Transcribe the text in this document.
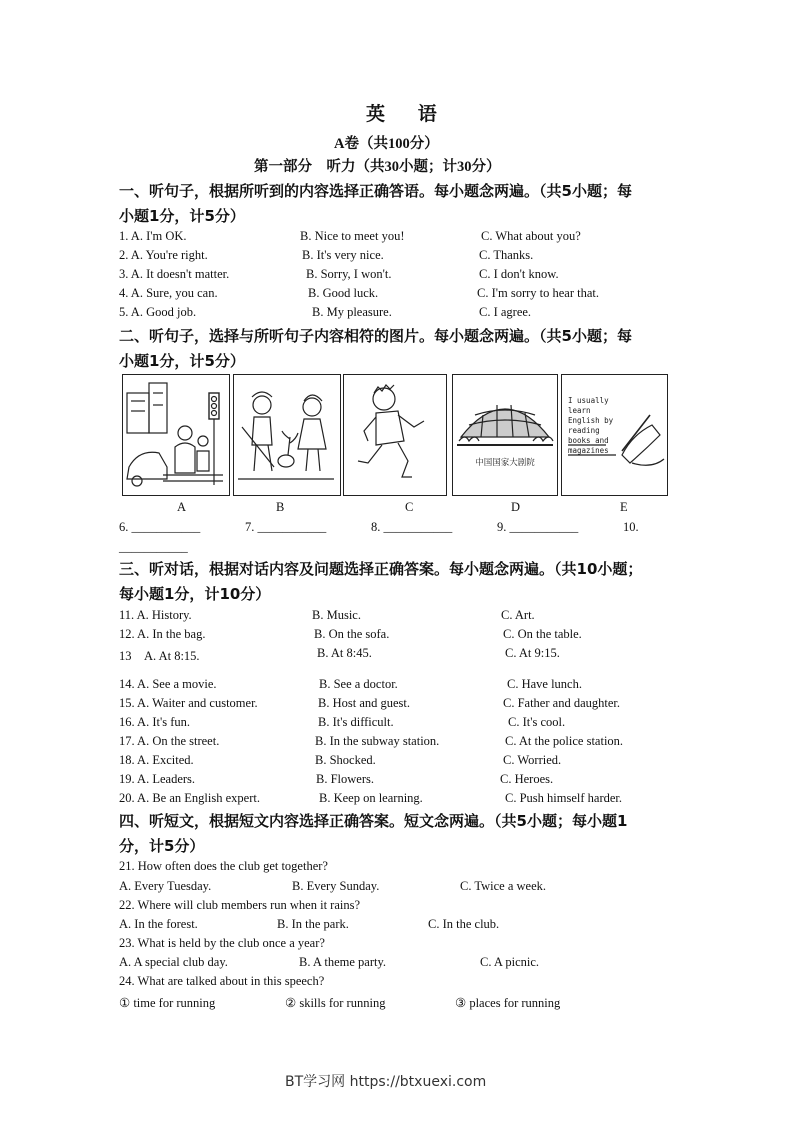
英 语
A卷（共100分）
第一部分　听力（共30小题；计30分）
一、听句子，根据所听到的内容选择正确答语。每小题念两遍。（共5小题；每
小题1分，计5分）
1. A. I'm OK.	B. Nice to meet you!	C. What about you?
2. A. You're right.	B. It's very nice.	C. Thanks.
3. A. It doesn't matter.	B. Sorry, I won't.	C. I don't know.
4. A. Sure, you can.	B. Good luck.	C. I'm sorry to hear that.
5. A. Good job.	B. My pleasure.	C. I agree.
二、听句子，选择与所听句子内容相符的图片。每小题念两遍。（共5小题；每
小题1分，计5分）
中国国家大剧院
I usually
learn
English by
reading
books and
magazines
A	B	C	D	E
6. ___________	7. ___________	8. ___________	9. ___________	10.
___________
三、听对话，根据对话内容及问题选择正确答案。每小题念两遍。（共10小题；
每小题1分，计10分）
11. A. History.	B. Music.	C. Art.
12. A. In the bag.	B. On the sofa.	C. On the table.
13　A. At 8:15.	B. At 8:45.	C. At 9:15.
14. A. See a movie.	B. See a doctor.	C. Have lunch.
15. A. Waiter and customer.	B. Host and guest.	C. Father and daughter.
16. A. It's fun.	B. It's difficult.	C. It's cool.
17. A. On the street.	B. In the subway station.	C. At the police station.
18. A. Excited.	B. Shocked.	C. Worried.
19. A. Leaders.	B. Flowers.	C. Heroes.
20. A. Be an English expert.	B. Keep on learning.	C. Push himself harder.
四、听短文，根据短文内容选择正确答案。短文念两遍。（共5小题；每小题1
分，计5分）
21. How often does the club get together?
A. Every Tuesday.	B. Every Sunday.	C. Twice a week.
22. Where will club members run when it rains?
A. In the forest.	B. In the park.	C. In the club.
23. What is held by the club once a year?
A. A special club day.	B. A theme party.	C. A picnic.
24. What are talked about in this speech?
① time for running	② skills for running	③ places for running
BT学习网 https://btxuexi.com
